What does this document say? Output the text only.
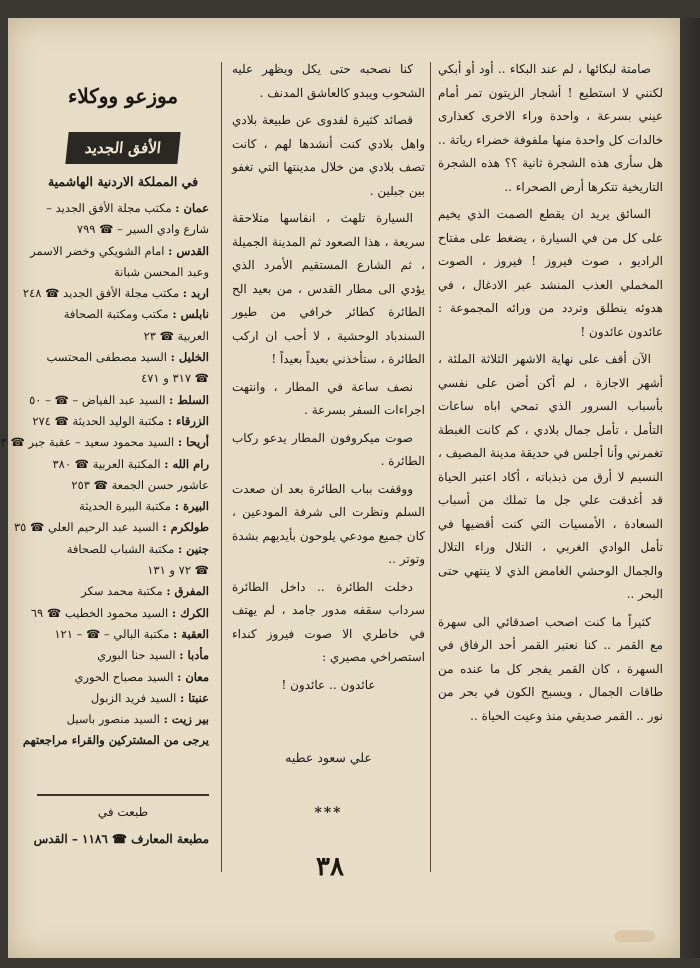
صامتة لبكائها ، لم عند البكاء .. أود أو أبكي لكنني لا استطيع ! أشجار الزيتون تمر أمام عيني بسرعة ، واحدة وراء الاخرى كعذارى خالدات كل واحدة منها ملفوفة خضراء رياتة .. هل سأرى هذه الشجرة ثانية ؟؟ هذه الشجرة التاريخية تتكرها أرض الصحراء ..

السائق يريد ان يقطع الصمت الذي يخيم على كل من في السيارة ، يضغط على مفتاح الراديو ، صوت فيروز ! فيروز ، الصوت المخملي العذب المنشد عبر الادغال ، في هدوئه ينطلق وتردد من ورائه المجموعة : عائدون عائدون !

الآن أقف على نهاية الاشهر الثلاثة الملئة ، أشهر الاجازة ، لم أكن أضن على نفسي بأسباب السرور الذي تمحي اباه ساعات التأمل ، تأمل جمال بلادي ، كم كانت الغبطة تغمرني وأنا أجلس في حديقة مدينة المصيف ، النسيم لا أرق من ذبذباته ، أكاد اعتبر الحياة قد أغدقت علي جل ما تملك من أسباب السعادة ، الأمسيات التي كنت أقضيها في تأمل الوادي الغربي ، التلال وراء التلال والجمال الوحشي الغامض الذي لا ينتهي حتى البحر ..

كثيراً ما كنت اصحب اصدقائي الى سهرة مع القمر .. كنا نعتبر القمر أحد الرفاق في السهرة ، كان القمر يفجر كل ما عنده من طاقات الجمال ، ويسبح الكون في بحر من نور .. القمر صديقي منذ وعيت الحياة ..

كنا نصحبه حتى يكل ويظهر عليه الشحوب ويبدو كالعاشق المدنف .

قصائد كثيرة لفدوى عن طبيعة بلادي واهل بلادي كنت أنشدها لهم ، كانت تصف بلادي من خلال مدينتها التي تغفو بين جبلين .

السيارة تلهث ، انفاسها متلاحقة سريعة ، هذا الصعود ثم المدينة الجميلة ، ثم الشارع المستقيم الأمرد الذي يؤدي الى مطار القدس ، من بعيد الح الطائرة كطائر خرافي من طيور السندباد الوحشية ، لا أحب ان اركب الطائرة ، ستأخذني بعيداً بعيداً !

نصف ساعة في المطار ، وانتهت اجراءات السفر بسرعة .

صوت ميكروفون المطار يدعو ركاب الطائرة .

ووقفت بباب الطائرة بعد ان صعدت السلم ونظرت الى شرفة المودعين ، كان جميع مودعي يلوحون بأيديهم بشدة وتوتر ..

دخلت الطائرة .. داخل الطائرة سرداب سقفه مدور جامد ، لم يهتف في خاطري الا صوت فيروز كنداء استصراخي مصيري :

عائدون .. عائدون !

علي سعود عطيه
***
موزعو ووكلاء
الأفق الجديد
في المملكة الاردنية الهاشمية
عمان : مكتب مجلة الأفق الجديد –
شارع وادي السير – ☎ ٧٩٩
القدس : امام الشويكي وخضر الاسمر
وعبد المحسن شبانة
اربد : مكتب مجلة الأفق الجديد ☎ ٢٤٨
نابلس : مكتب ومكتبة الصحافة
العربية ☎ ٢٣
الخليل : السيد مصطفى المحتسب
☎ ٣١٧ و ٤٧١
السلط : السيد عبد الفياض – ☎ – ٥٠
الزرقاء : مكتبة الوليد الحديثة ☎ ٢٧٤
أريحا : السيد محمود سعيد – عقبة جبر ☎ ٣
رام الله : المكتبة العربية ☎ ٣٨٠
عاشور حسن الجمعة ☎ ٢٥٣
البيرة : مكتبة البيرة الحديثة
طولكرم : السيد عبد الرحيم العلي ☎ ٣٥
جنين : مكتبة الشباب للصحافة
☎ ٧٢ و ١٣١
المفرق : مكتبة محمد سكر
الكرك : السيد محمود الخطيب ☎ ٦٩
العقبة : مكتبة البالي – ☎ – ١٢١
مأدبا : السيد حنا البوري
معان : السيد مصباح الحوري
عنبتا : السيد فريد الزبول
بير زيت : السيد منصور باسيل
يرجى من المشتركين والقراء مراجعتهم
طبعت في
مطبعة المعارف ☎ ١١٨٦ – القدس
٣٨
